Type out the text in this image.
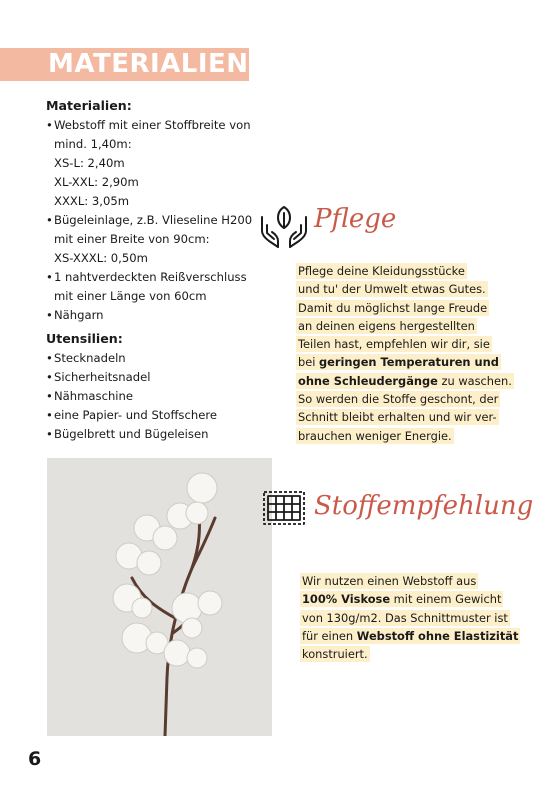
MATERIALIEN
Materialien:
• Webstoff mit einer Stoffbreite von
mind. 1,40m:
XS-L: 2,40m
XL-XXL: 2,90m
XXXL: 3,05m
• Bügeleinlage, z.B. Vlieseline H200
mit einer Breite von 90cm:
XS-XXXL: 0,50m
• 1 nahtverdeckten Reißverschluss
mit einer Länge von 60cm
• Nähgarn
Utensilien:
• Stecknadeln
• Sicherheitsnadel
• Nähmaschine
• eine Papier- und Stoffschere
• Bügelbrett und Bügeleisen
Pflege
Pflege deine Kleidungsstücke
und tu' der Umwelt etwas Gutes.
Damit du möglichst lange Freude
an deinen eigens hergestellten
Teilen hast, empfehlen wir dir, sie
bei geringen Temperaturen und
ohne Schleudergänge zu waschen.
So werden die Stoffe geschont, der
Schnitt bleibt erhalten und wir ver-
brauchen weniger Energie.
Stoffempfehlung
Wir nutzen einen Webstoff aus
100% Viskose mit einem Gewicht
von 130g/m2. Das Schnittmuster ist
für einen Webstoff ohne Elastizität
konstruiert.
6
